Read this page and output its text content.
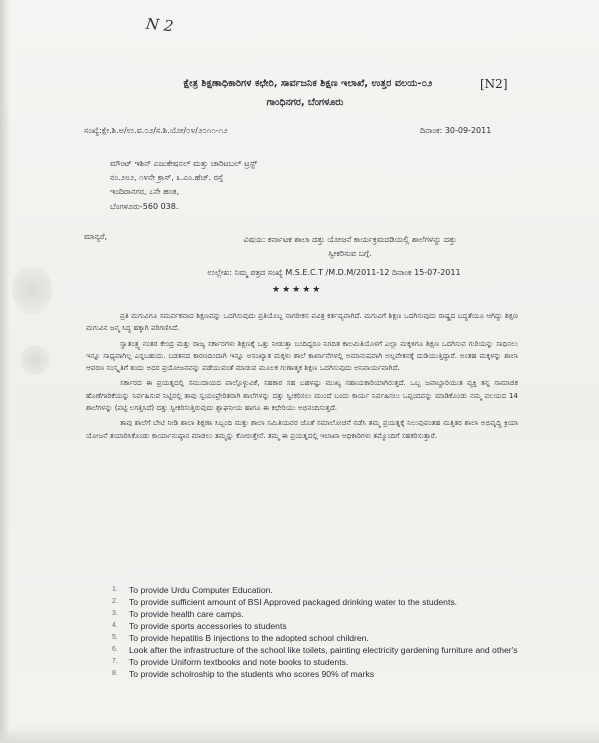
N 2
ಕ್ಷೇತ್ರ ಶಿಕ್ಷಣಾಧಿಕಾರಿಗಳ ಕಛೇರಿ, ಸಾರ್ವಜನಿಕ ಶಿಕ್ಷಣ ಇಲಾಖೆ, ಉತ್ತರ ವಲಯ-೦೨	[N2]
ಗಾಂಧಿನಗರ, ಬೆಂಗಳೂರು
ಸಂಖ್ಯೆ:ಕ್ಷೇ.ಶಿ.ಅ/ಉ.ವ.೦೨/ಸ.ಶಿ.ಯೋ/೦೪/೨೦೧೧-೧೨	ದಿನಾಂಕ: 30-09-2011
ಮೌಂಟ್ ಇಶಿನ್ ಎಜುಕೇಷನಲ್ ಮತ್ತು ಚಾರಿಟಬಲ್ ಟ್ರಸ್ಟ್
ನಂ.೨೮೨, ೧೪ನೇ ಕ್ರಾಸ್, ೩.ಎಂ.ಹೆಚ್. ರಸ್ತೆ
ಇಂದಿರಾನಗರ, ೭ನೇ ಹಂತ,
ಬೆಂಗಳೂರು-560 038.
ಮಾನ್ಯರೆ,	ವಿಷಯ: ಕರ್ನಾಟಕ ಶಾಲಾ ದತ್ತು ಯೋಜನೆ ಕಾರ್ಯಕ್ರಮದಡಿಯಲ್ಲಿ ಶಾಲೆಗಳನ್ನು ದತ್ತು
ಸ್ವೀಕರಿಸುವ ಬಗ್ಗೆ.
ಉಲ್ಲೇಖ: ನಿಮ್ಮ ಪತ್ರದ ಸಂಖ್ಯೆ M.S.E.C.T /M.D.M/2011-12 ದಿನಾಂಕ 15-07-2011
★★★★★

ಪ್ರತಿ ಮಗುವಿಗೂ ಸಮರ್ಪಕವಾದ ಶಿಕ್ಷಣವನ್ನು ಒದಗಿಸುವುದು ಪ್ರತಿಯೊಬ್ಬ ನಾಗರೀಕನ ಪವಿತ್ರ ಕರ್ತವ್ಯವಾಗಿದೆ. ಮಗುವಿಗೆ ಶಿಕ್ಷಣ ಒದಗಿಸುವುದು ರಾಷ್ಟ್ರದ ಬದ್ಧತೆಯೂ ಆಗಿದ್ದು ಶಿಕ್ಷಣ ಮಗುವಿನ ಜನ್ಮ ಸಿದ್ಧ ಹಕ್ಕಾಗಿ ಪರಿಗಣಿಸಿದೆ.

ಸ್ವಾತಂತ್ರ್ಯ ನಂತರ ಕೇಂದ್ರ ಮತ್ತು ರಾಜ್ಯ ಸರ್ಕಾರಗಳು ಶಿಕ್ಷಣಕ್ಕೆ ಒತ್ತು ನೀಡುತ್ತಾ ಬಂದಿದ್ದರೂ ನಿಗದಿತ ಕಾಲಮಿತಿಯೊಳಗೆ ಎಲ್ಲಾ ಮಕ್ಕಳಿಗೂ ಶಿಕ್ಷಣ ಒದಗಿಸುವ ಗುರಿಯನ್ನು ಸಾಧಿಸಲು ಇನ್ನೂ ಸಾಧ್ಯವಾಗಿಲ್ಲ ಎನ್ನಬಹುದು. ಬಡತನದ ಕಾರಣದಿಂದಾಗಿ ಇನ್ನೂ ಅಸಂಖ್ಯಾತ ಮಕ್ಕಳು ಶಾಲೆ ಕಾರ್ಖಾನೆಗಳಲ್ಲಿ ಅಮಾನುಷವಾಗಿ ಅಲ್ಪವೇತನಕ್ಕೆ ದುಡಿಯುತ್ತಿದ್ದಾರೆ. ಅಂತಹ ಮಕ್ಕಳನ್ನು ಶಾಲಾ ಆವರಣ ಸಂಸ್ಕೃತಿಗೆ ತಂದು ಅದರ ಪ್ರಯೋಜನವನ್ನು ಪಡೆಯುವಂತೆ ಮಾಡುವ ಮೂಲಕ ಗುಣಾತ್ಮಕ ಶಿಕ್ಷಣ ಒದಗಿಸುವುದು ಅನಿವಾರ್ಯವಾಗಿದೆ.

ಸರ್ಕಾರದ ಈ ಪ್ರಯತ್ನದಲ್ಲಿ ಸಮುದಾಯದ ಪಾಲ್ಗೊಳ್ಳುವಿಕೆ, ಸಹಕಾರ ಸಹ ಬಹಳಷ್ಟು ಮುಖ್ಯ ಸಹಾಯಕಾರಿಯಾಗಿರುತ್ತದೆ. ಒಬ್ಬ ಜವಾಬ್ದಾರಿಯುತ ವ್ಯಕ್ತಿ ತನ್ನ ಸಾಮಾಜಿಕ ಹೊಣೆಗಾರಿಕೆಯನ್ನು ನಿರ್ವಹಿಸುವ ನಿಟ್ಟಿನಲ್ಲಿ ತಾವು ಸ್ವಯಂಪ್ರೇರಿತರಾಗಿ ಶಾಲೆಗಳನ್ನು ದತ್ತು ಸ್ವೀಕರಿಸಲು ಮುಂದೆ ಬಂದು ಕಾರ್ಯ ನಿರ್ವಹಿಸಲು ಒಪ್ಪಂದವನ್ನು ಮಾಡಿಕೊಂಡು ನಮ್ಮ ವಲಯದ 14 ಶಾಲೆಗಳನ್ನು (ಪಟ್ಟಿ ಲಗತ್ತಿಸಿದೆ) ದತ್ತು ಸ್ವೀಕರಿಸುತ್ತಿರುವುದು ಶ್ಲಾಘನೀಯ ಹಾಗೂ ಈ ಕಛೇರಿಯು ಅಭಿನಂದಿಸುತ್ತದೆ.

ತಾವು ಶಾಲೆಗೆ ಬೇಟಿ ನೀಡಿ ಶಾಲಾ ಶಿಕ್ಷಣಾ ಸಿಬ್ಬಂದಿ ಮತ್ತು ಶಾಲಾ ಸಮಿತಿಯವರ ಜೊತೆ ಸಮಾಲೋಚನೆ ನಡೆಸಿ ತಮ್ಮ ಪ್ರಯತ್ನಕ್ಕೆ ನಿಲುವುವಂತಹ ಮತ್ತಿತರ ಶಾಲಾ ಅಭಿವೃದ್ಧಿ ಕ್ರಿಯಾ ಯೋಜನೆ ತಯಾರಿಸಿಕೊಂಡು ಕಾರ್ಯಾನುಷ್ಠಾನ ಮಾಡಲು ತಮ್ಮನ್ನು ಕೋರುತ್ತೇನೆ. ತಮ್ಮ ಈ ಪ್ರಯತ್ನದಲ್ಲಿ ಇಲಾಖಾ ಅಧಿಕಾರಿಗಳು ತಮ್ಮೊಂದಿಗೆ ಸಹಕರಿಸುತ್ತಾರೆ.

1. To provide Urdu Computer Education.
2. To provide sufficient amount of BSI Approved packaged drinking water to the students.
3. To provide health care camps.
4. To provide sports accessories to students
5. To provide hepatitis B injections to the adopted school children.
6. Look after the infrastructure of the school like toilets, painting electricity gardening furniture and other's
7. To provide Uniform textbooks and note books to students.
8. To provide scholroship to the students who scores 90% of marks
